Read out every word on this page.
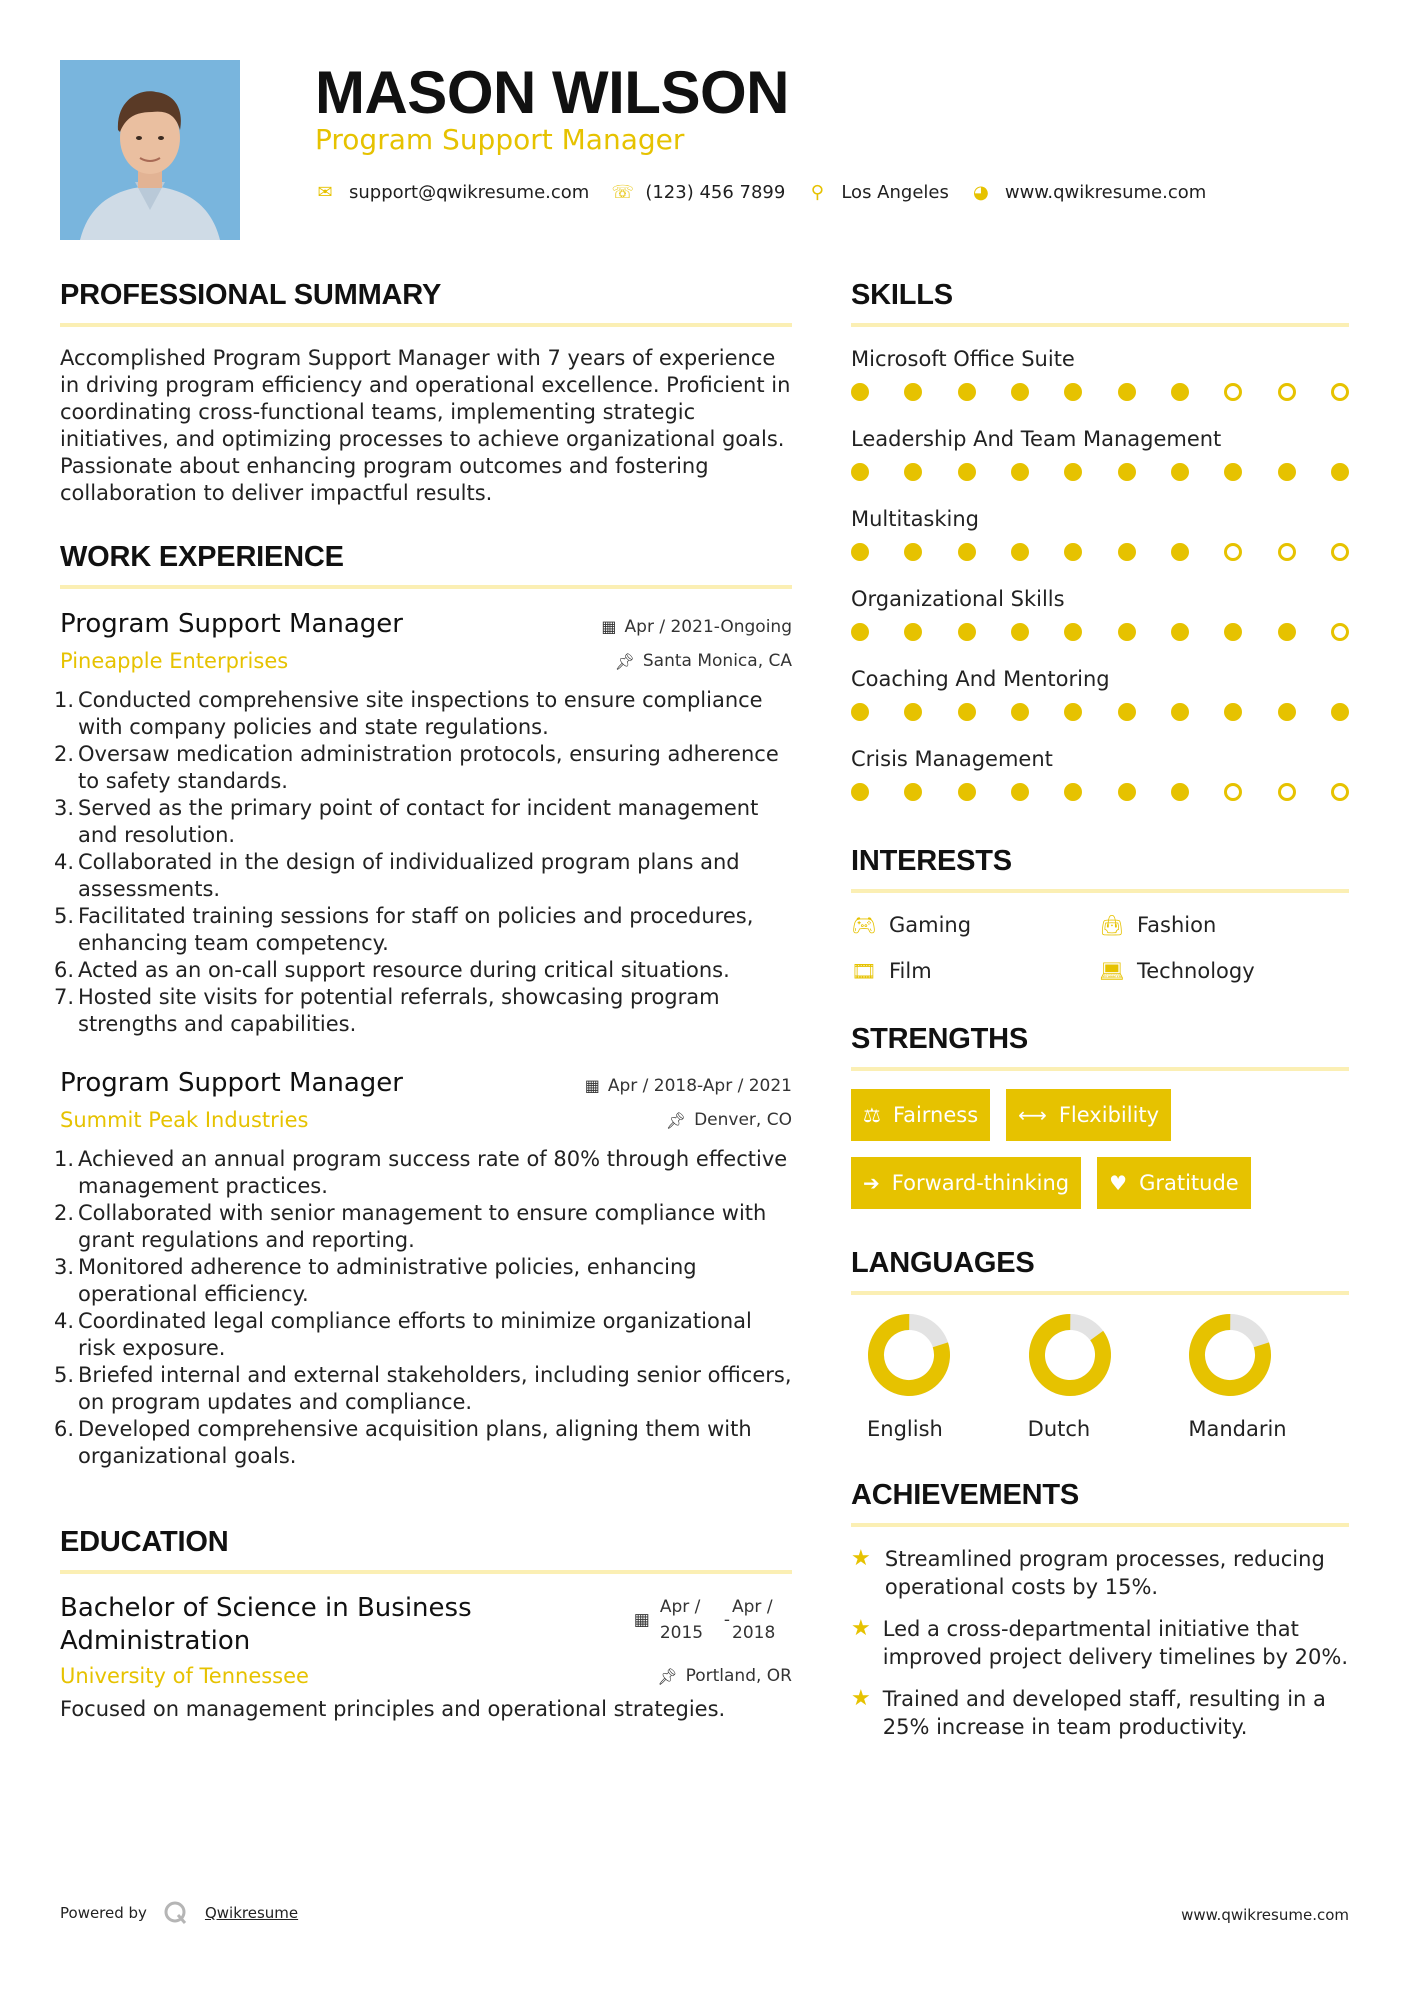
MASON WILSON
Program Support Manager
✉ support@qwikresume.com ☏ (123) 456 7899 ⚲ Los Angeles ◕ www.qwikresume.com
PROFESSIONAL SUMMARY
Accomplished Program Support Manager with 7 years of experience in driving program efficiency and operational excellence. Proficient in coordinating cross-functional teams, implementing strategic initiatives, and optimizing processes to achieve organizational goals. Passionate about enhancing program outcomes and fostering collaboration to deliver impactful results.
WORK EXPERIENCE
Program Support Manager	▦ Apr / 2021-Ongoing
Pineapple Enterprises	📌︎ Santa Monica, CA
Conducted comprehensive site inspections to ensure compliance with company policies and state regulations.
Oversaw medication administration protocols, ensuring adherence to safety standards.
Served as the primary point of contact for incident management and resolution.
Collaborated in the design of individualized program plans and assessments.
Facilitated training sessions for staff on policies and procedures, enhancing team competency.
Acted as an on-call support resource during critical situations.
Hosted site visits for potential referrals, showcasing program strengths and capabilities.
Program Support Manager	▦ Apr / 2018-Apr / 2021
Summit Peak Industries	📌︎ Denver, CO
Achieved an annual program success rate of 80% through effective management practices.
Collaborated with senior management to ensure compliance with grant regulations and reporting.
Monitored adherence to administrative policies, enhancing operational efficiency.
Coordinated legal compliance efforts to minimize organizational risk exposure.
Briefed internal and external stakeholders, including senior officers, on program updates and compliance.
Developed comprehensive acquisition plans, aligning them with organizational goals.
EDUCATION
Bachelor of Science in Business Administration
▦
Apr / 2015
-
Apr / 2018
University of Tennessee	📌︎ Portland, OR
Focused on management principles and operational strategies.
SKILLS
Microsoft Office Suite
Leadership And Team Management
Multitasking
Organizational Skills
Coaching And Mentoring
Crisis Management
INTERESTS
🎮︎ Gaming	👜︎ Fashion
🎞︎ Film	💻︎ Technology
STRENGTHS
⚖ Fairness ⟷ Flexibility
➔ Forward-thinking ♥ Gratitude
LANGUAGES
English	Dutch	Mandarin
ACHIEVEMENTS
★ Streamlined program processes, reducing operational costs by 15%.
★ Led a cross-departmental initiative that improved project delivery timelines by 20%.
★ Trained and developed staff, resulting in a 25% increase in team productivity.
Powered by	Qwikresume	www.qwikresume.com
